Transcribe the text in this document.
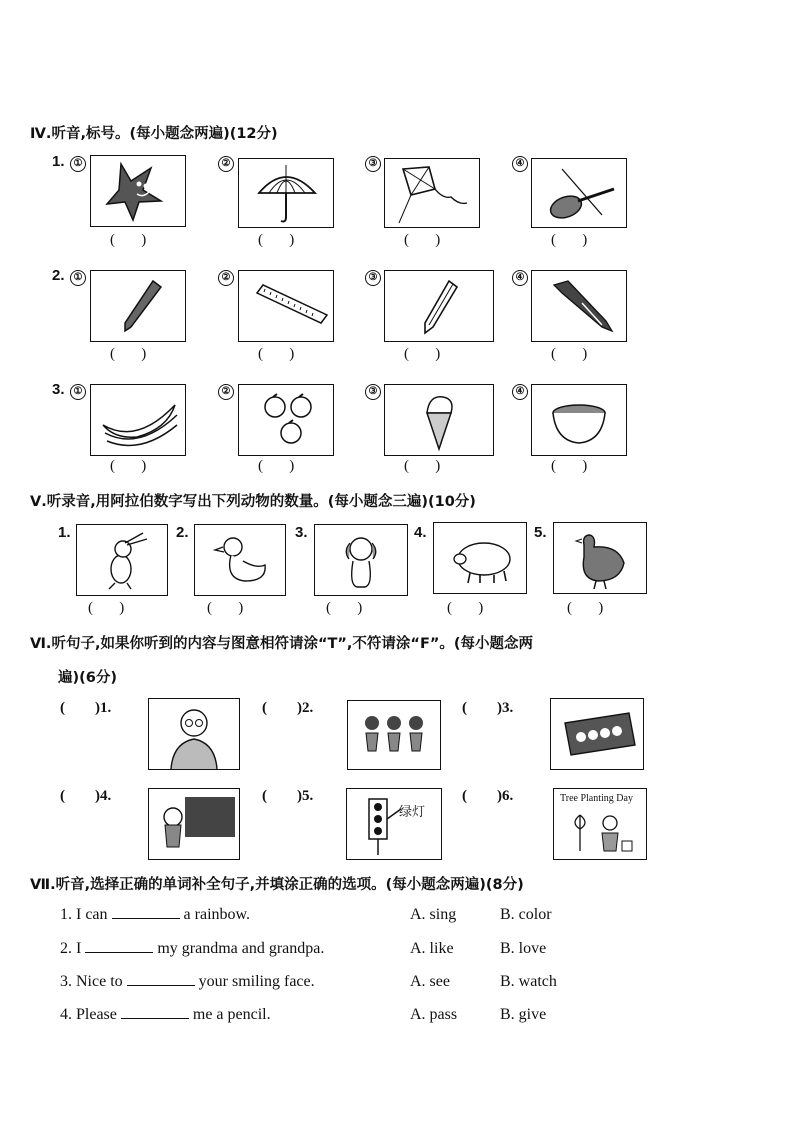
Ⅳ.听音,标号。(每小题念两遍)(12分)
1. ①	②	③	④
(       )	(       )	(       )	(       )
2. ①	②	③	④
(       )	(       )	(       )	(       )
3. ①	②	③	④
(       )	(       )	(       )	(       )
Ⅴ.听录音,用阿拉伯数字写出下列动物的数量。(每小题念三遍)(10分)
1.	2.	3.	4.	5.
(       )	(       )	(       )	(       )	(       )
Ⅵ.听句子,如果你听到的内容与图意相符请涂“T”,不符请涂“F”。(每小题念两
遍)(6分)
(        )1.	(        )2.	(        )3.
(        )4.	(        )5.
绿灯
(        )6.	Tree Planting Day
Ⅶ.听音,选择正确的单词补全句子,并填涂正确的选项。(每小题念两遍)(8分)
1. I can	a rainbow.	A. sing	B. color
2. I	my grandma and grandpa.	A. like	B. love
3. Nice to	your smiling face.	A. see	B. watch
4. Please	me a pencil.	A. pass	B. give
